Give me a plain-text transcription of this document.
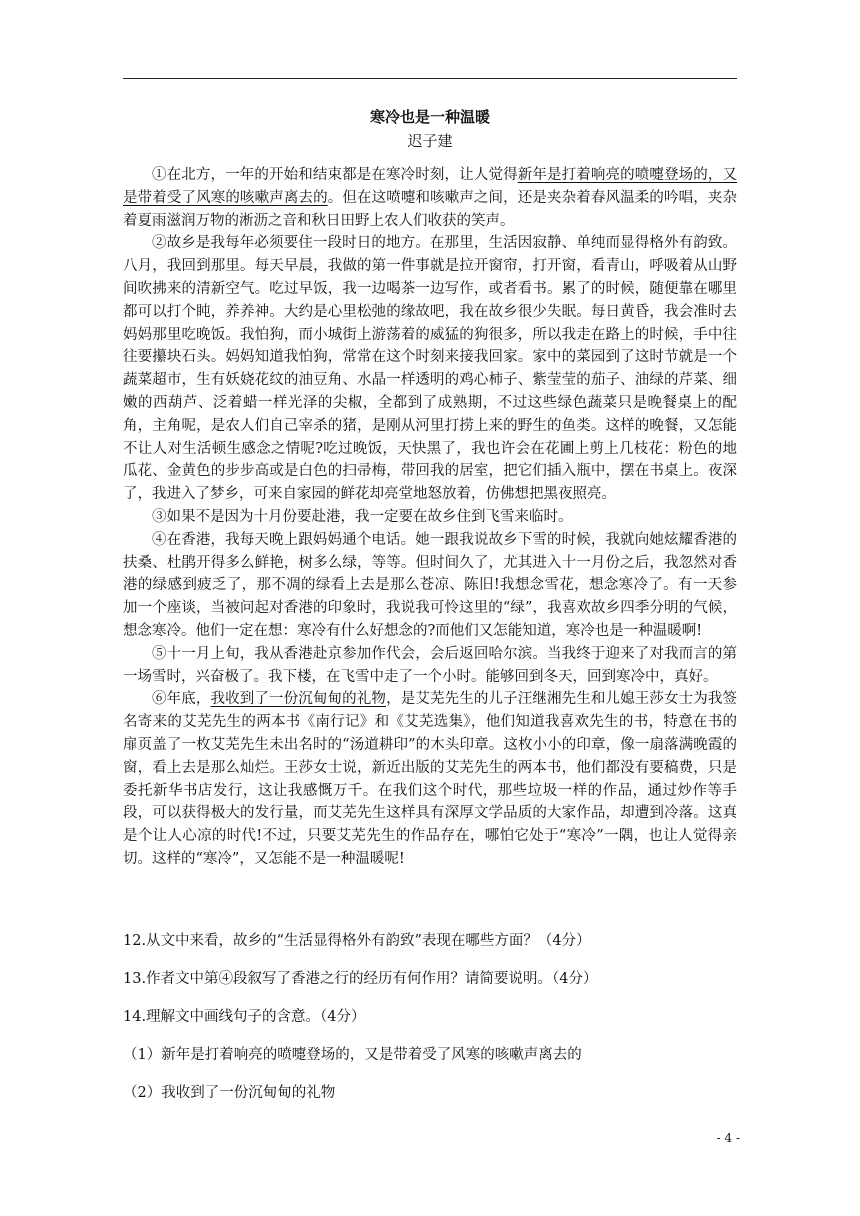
寒冷也是一种温暖
迟子建

①在北方，一年的开始和结束都是在寒冷时刻，让人觉得新年是打着响亮的喷嚏登场的，又是带着受了风寒的咳嗽声离去的。但在这喷嚏和咳嗽声之间，还是夹杂着春风温柔的吟唱，夹杂着夏雨滋润万物的淅沥之音和秋日田野上农人们收获的笑声。

②故乡是我每年必须要住一段时日的地方。在那里，生活因寂静、单纯而显得格外有韵致。八月，我回到那里。每天早晨，我做的第一件事就是拉开窗帘，打开窗，看青山，呼吸着从山野间吹拂来的清新空气。吃过早饭，我一边喝茶一边写作，或者看书。累了的时候，随便靠在哪里都可以打个盹，养养神。大约是心里松弛的缘故吧，我在故乡很少失眠。每日黄昏，我会准时去妈妈那里吃晚饭。我怕狗，而小城街上游荡着的威猛的狗很多，所以我走在路上的时候，手中往往要攥块石头。妈妈知道我怕狗，常常在这个时刻来接我回家。家中的菜园到了这时节就是一个蔬菜超市，生有妖娆花纹的油豆角、水晶一样透明的鸡心柿子、紫莹莹的茄子、油绿的芹菜、细嫩的西葫芦、泛着蜡一样光泽的尖椒，全都到了成熟期，不过这些绿色蔬菜只是晚餐桌上的配角，主角呢，是农人们自己宰杀的猪，是刚从河里打捞上来的野生的鱼类。这样的晚餐，又怎能不让人对生活顿生感念之情呢?吃过晚饭，天快黑了，我也许会在花圃上剪上几枝花：粉色的地瓜花、金黄色的步步高或是白色的扫帚梅，带回我的居室，把它们插入瓶中，摆在书桌上。夜深了，我进入了梦乡，可来自家园的鲜花却亮堂地怒放着，仿佛想把黑夜照亮。

③如果不是因为十月份要赴港，我一定要在故乡住到飞雪来临时。

④在香港，我每天晚上跟妈妈通个电话。她一跟我说故乡下雪的时候，我就向她炫耀香港的扶桑、杜鹃开得多么鲜艳，树多么绿，等等。但时间久了，尤其进入十一月份之后，我忽然对香港的绿感到疲乏了，那不凋的绿看上去是那么苍凉、陈旧!我想念雪花，想念寒冷了。有一天参加一个座谈，当被问起对香港的印象时，我说我可怜这里的“绿”，我喜欢故乡四季分明的气候，想念寒冷。他们一定在想：寒冷有什么好想念的?而他们又怎能知道，寒冷也是一种温暖啊!

⑤十一月上旬，我从香港赴京参加作代会，会后返回哈尔滨。当我终于迎来了对我而言的第一场雪时，兴奋极了。我下楼，在飞雪中走了一个小时。能够回到冬天，回到寒冷中，真好。

⑥年底，我收到了一份沉甸甸的礼物，是艾芜先生的儿子汪继湘先生和儿媳王莎女士为我签名寄来的艾芜先生的两本书《南行记》和《艾芜选集》，他们知道我喜欢先生的书，特意在书的扉页盖了一枚艾芜先生未出名时的“汤道耕印”的木头印章。这枚小小的印章，像一扇落满晚霞的窗，看上去是那么灿烂。王莎女士说，新近出版的艾芜先生的两本书，他们都没有要稿费，只是委托新华书店发行，这让我感慨万千。在我们这个时代，那些垃圾一样的作品，通过炒作等手段，可以获得极大的发行量，而艾芜先生这样具有深厚文学品质的大家作品，却遭到冷落。这真是个让人心凉的时代!不过，只要艾芜先生的作品存在，哪怕它处于“寒冷”一隅，也让人觉得亲切。这样的“寒冷”，又怎能不是一种温暖呢!

12.从文中来看，故乡的“生活显得格外有韵致”表现在哪些方面？（4分）

13.作者文中第④段叙写了香港之行的经历有何作用？请简要说明。（4分）

14.理解文中画线句子的含意。（4分）

（1）新年是打着响亮的喷嚏登场的，又是带着受了风寒的咳嗽声离去的

（2）我收到了一份沉甸甸的礼物

- 4 -
